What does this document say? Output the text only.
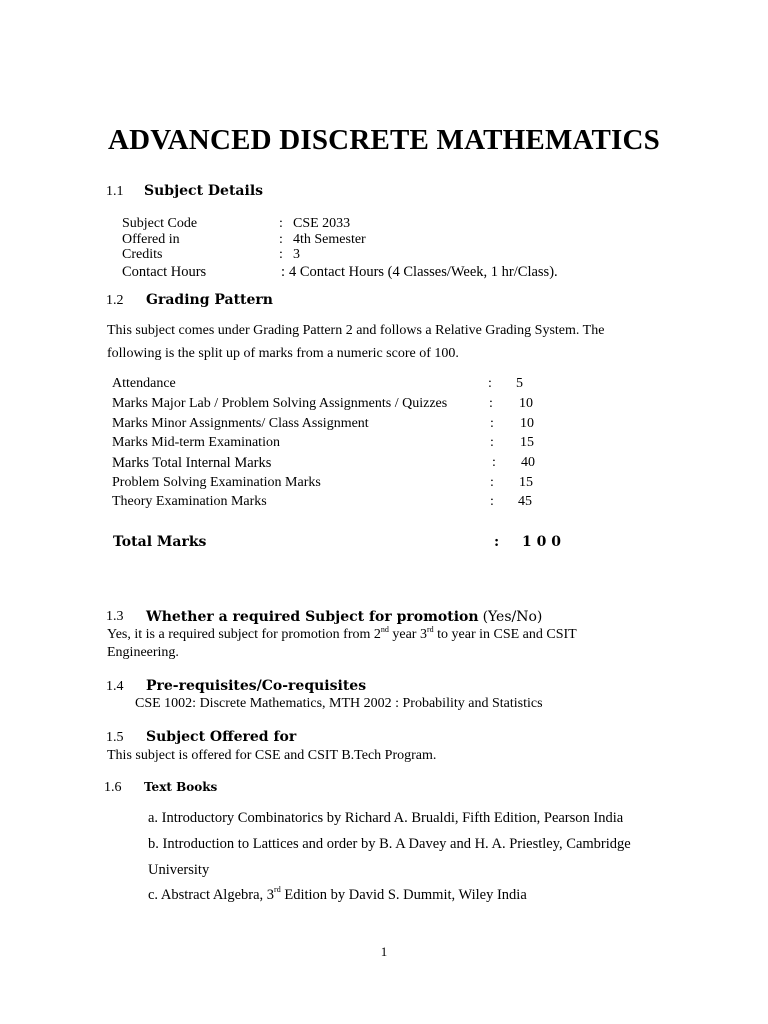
ADVANCED DISCRETE MATHEMATICS
1.1 Subject Details
Subject Code	: CSE 2033
Offered in	: 4th Semester
Credits	: 3
Contact Hours	: 4 Contact Hours (4 Classes/Week, 1 hr/Class).
1.2 Grading Pattern
This subject comes under Grading Pattern 2 and follows a Relative Grading System. The
following is the split up of marks from a numeric score of 100.
Attendance	: 5
Marks Major Lab / Problem Solving Assignments / Quizzes	: 10
Marks Minor Assignments/ Class Assignment	: 10
Marks Mid-term Examination	: 15
Marks Total Internal Marks	: 40
Problem Solving Examination Marks	: 15
Theory Examination Marks	: 45
Total Marks	: 1 0 0
1.3 Whether a required Subject for promotion (Yes/No)
Yes, it is a required subject for promotion from 2nd year 3rd to year in CSE and CSIT
Engineering.
1.4 Pre-requisites/Co-requisites
CSE 1002: Discrete Mathematics, MTH 2002 : Probability and Statistics
1.5 Subject Offered for
This subject is offered for CSE and CSIT B.Tech Program.
1.6 Text Books
a. Introductory Combinatorics by Richard A. Brualdi, Fifth Edition, Pearson India
b. Introduction to Lattices and order by B. A Davey and H. A. Priestley, Cambridge
University
c. Abstract Algebra, 3rd Edition by David S. Dummit, Wiley India
1
